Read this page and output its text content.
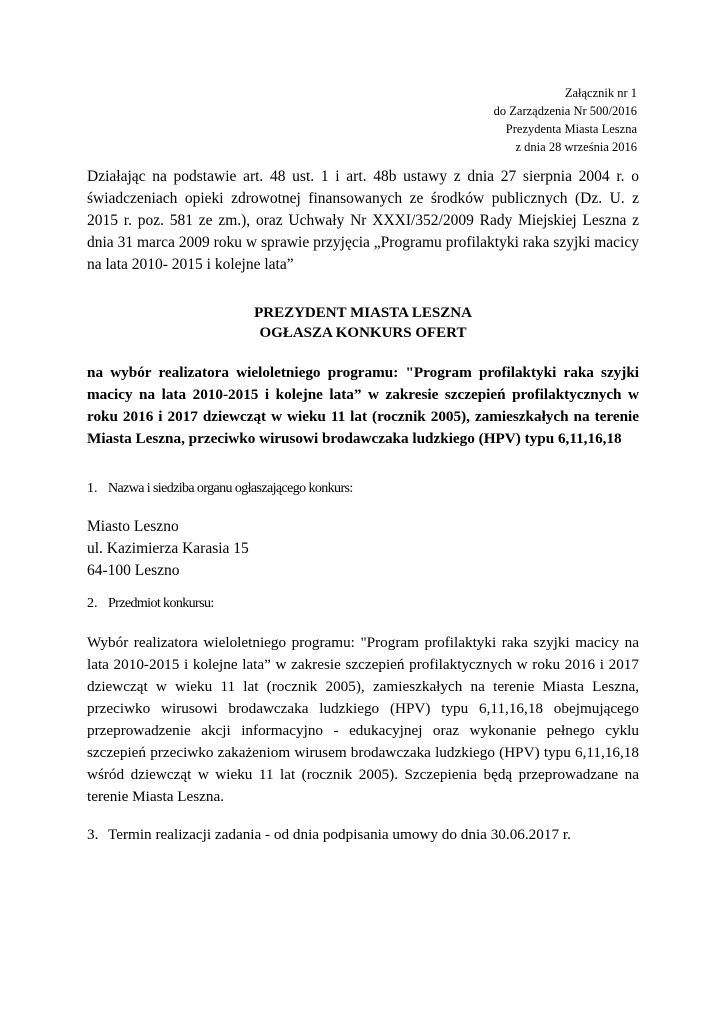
Załącznik nr 1
do Zarządzenia Nr 500/2016
Prezydenta Miasta Leszna
z dnia 28 września 2016
Działając na podstawie art. 48 ust. 1 i art. 48b ustawy z dnia 27 sierpnia 2004 r. o świadczeniach opieki zdrowotnej finansowanych ze środków publicznych (Dz. U. z 2015 r. poz. 581 ze zm.), oraz Uchwały Nr XXXI/352/2009 Rady Miejskiej Leszna z dnia 31 marca 2009 roku w sprawie przyjęcia „Programu profilaktyki raka szyjki macicy na lata 2010- 2015 i kolejne lata”
PREZYDENT MIASTA LESZNA
OGŁASZA KONKURS OFERT
na wybór realizatora wieloletniego programu: "Program profilaktyki raka szyjki macicy na lata 2010-2015 i kolejne lata” w zakresie szczepień profilaktycznych w roku 2016 i 2017 dziewcząt w wieku 11 lat (rocznik 2005), zamieszkałych na terenie Miasta Leszna, przeciwko wirusowi brodawczaka ludzkiego (HPV) typu 6,11,16,18
1. Nazwa i siedziba organu ogłaszającego konkurs:
Miasto Leszno
ul. Kazimierza Karasia 15
64-100 Leszno
2. Przedmiot konkursu:
Wybór realizatora wieloletniego programu: "Program profilaktyki raka szyjki macicy na lata 2010-2015 i kolejne lata” w zakresie szczepień profilaktycznych w roku 2016 i 2017 dziewcząt w wieku 11 lat (rocznik 2005), zamieszkałych na terenie Miasta Leszna, przeciwko wirusowi brodawczaka ludzkiego (HPV) typu 6,11,16,18 obejmującego przeprowadzenie akcji informacyjno - edukacyjnej oraz wykonanie pełnego cyklu szczepień przeciwko zakażeniom wirusem brodawczaka ludzkiego (HPV) typu 6,11,16,18 wśród dziewcząt w wieku 11 lat (rocznik 2005). Szczepienia będą przeprowadzane na terenie Miasta Leszna.
3. Termin realizacji zadania - od dnia podpisania umowy do dnia 30.06.2017 r.
